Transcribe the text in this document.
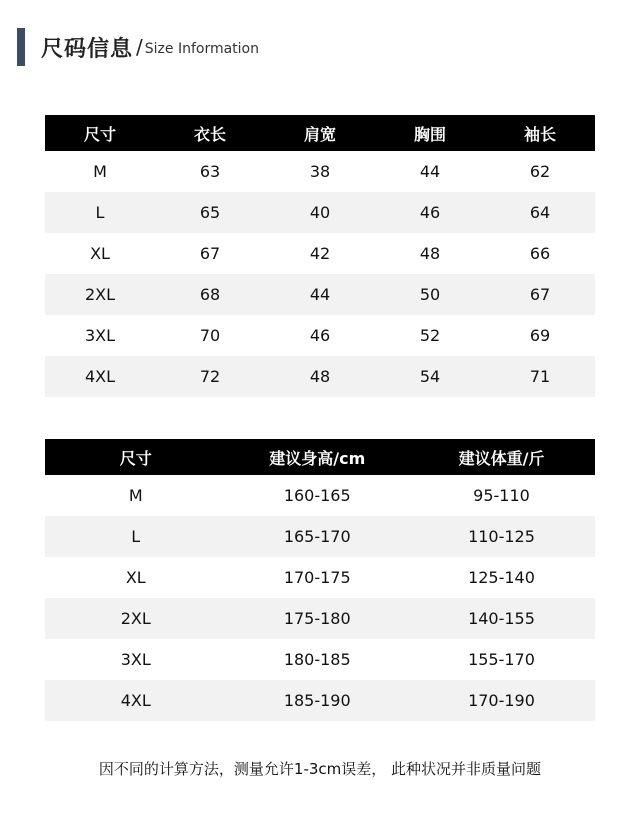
尺码信息 / Size Information
尺寸	衣长	肩宽	胸围	袖长
M	63	38	44	62
L	65	40	46	64
XL	67	42	48	66
2XL	68	44	50	67
3XL	70	46	52	69
4XL	72	48	54	71
尺寸	建议身高/cm	建议体重/斤
M	160-165	95-110
L	165-170	110-125
XL	170-175	125-140
2XL	175-180	140-155
3XL	180-185	155-170
4XL	185-190	170-190
因不同的计算方法，测量允许1-3cm误差， 此种状况并非质量问题
